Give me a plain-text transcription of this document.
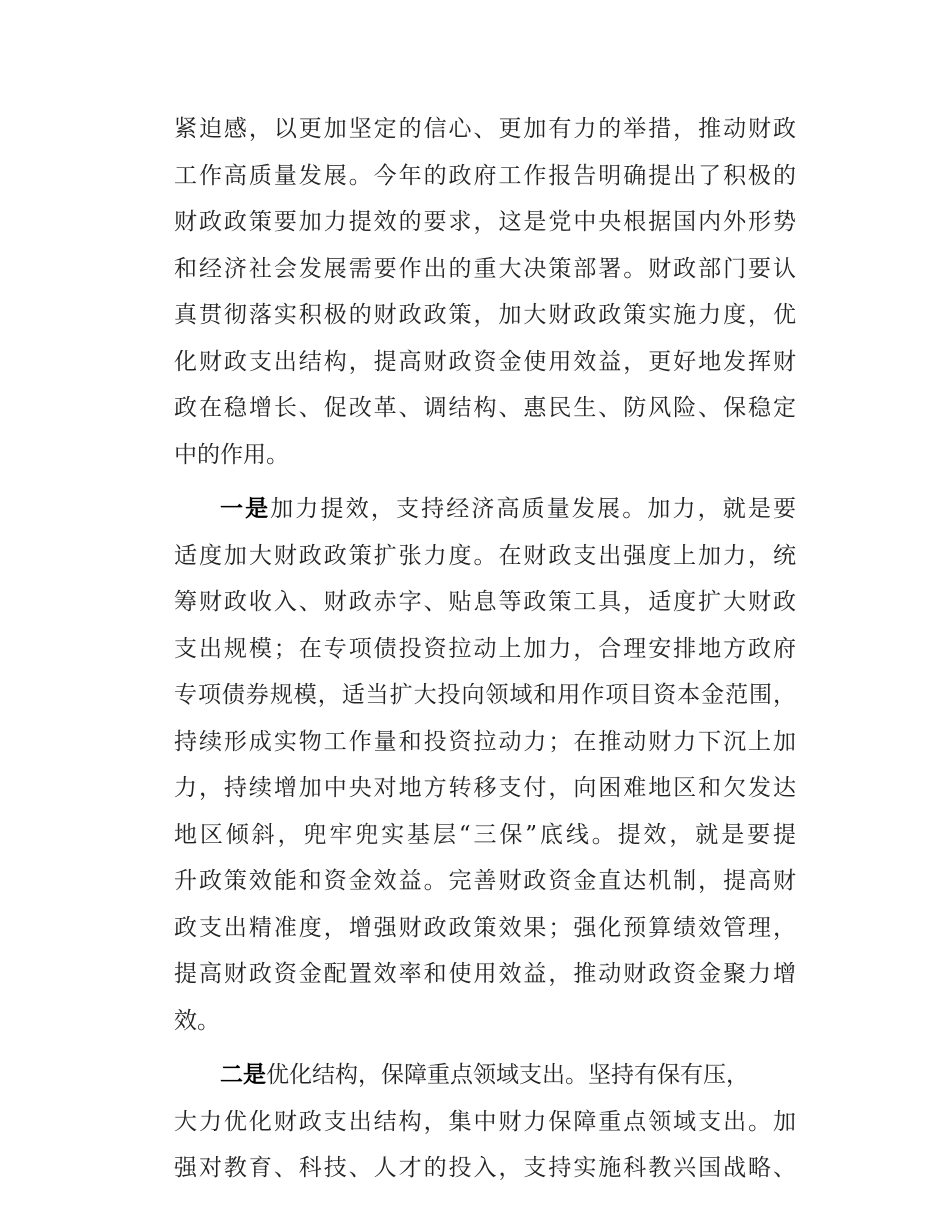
紧迫感，以更加坚定的信心、更加有力的举措，推动财政
工作高质量发展。今年的政府工作报告明确提出了积极的
财政政策要加力提效的要求，这是党中央根据国内外形势
和经济社会发展需要作出的重大决策部署。财政部门要认
真贯彻落实积极的财政政策，加大财政政策实施力度，优
化财政支出结构，提高财政资金使用效益，更好地发挥财
政在稳增长、促改革、调结构、惠民生、防风险、保稳定
中的作用。
一是加力提效，支持经济高质量发展。加力，就是要
适度加大财政政策扩张力度。在财政支出强度上加力，统
筹财政收入、财政赤字、贴息等政策工具，适度扩大财政
支出规模；在专项债投资拉动上加力，合理安排地方政府
专项债券规模，适当扩大投向领域和用作项目资本金范围，
持续形成实物工作量和投资拉动力；在推动财力下沉上加
力，持续增加中央对地方转移支付，向困难地区和欠发达
地区倾斜，兜牢兜实基层“三保”底线。提效，就是要提
升政策效能和资金效益。完善财政资金直达机制，提高财
政支出精准度，增强财政政策效果；强化预算绩效管理，
提高财政资金配置效率和使用效益，推动财政资金聚力增
效。
二是优化结构，保障重点领域支出。坚持有保有压，
大力优化财政支出结构，集中财力保障重点领域支出。加
强对教育、科技、人才的投入，支持实施科教兴国战略、
